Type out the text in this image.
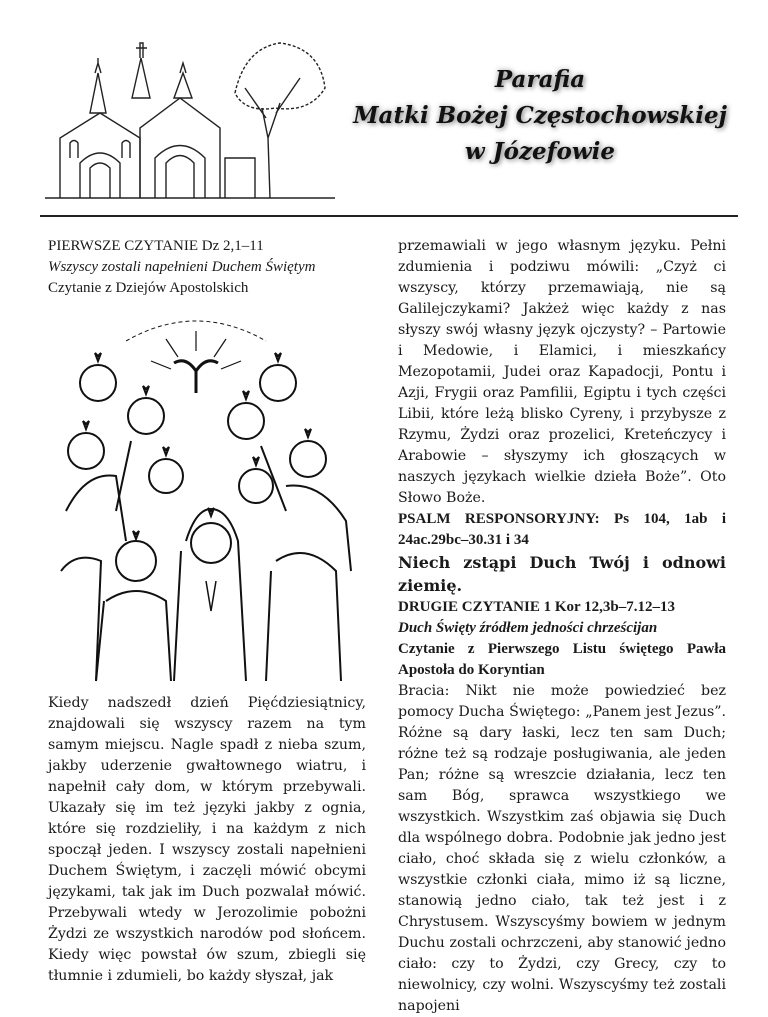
Parafia
Matki Bożej Częstochowskiej
w Józefowie
PIERWSZE CZYTANIE Dz 2,1–11
Wszyscy zostali napełnieni Duchem Świętym
Czytanie z Dziejów Apostolskich

Kiedy nadszedł dzień Pięćdziesiątnicy, znajdowali się wszyscy razem na tym samym miejscu. Nagle spadł z nieba szum, jakby uderzenie gwałtownego wiatru, i napełnił cały dom, w którym przebywali. Ukazały się im też języki jakby z ognia, które się rozdzieliły, i na każdym z nich spoczął jeden. I wszyscy zostali napełnieni Duchem Świętym, i zaczęli mówić obcymi językami, tak jak im Duch pozwalał mówić. Przebywali wtedy w Jerozolimie pobożni Żydzi ze wszystkich narodów pod słońcem. Kiedy więc powstał ów szum, zbiegli się tłumnie i zdumieli, bo każdy słyszał, jak

przemawiali w jego własnym języku. Pełni zdumienia i podziwu mówili: „Czyż ci wszyscy, którzy przemawiają, nie są Galilejczykami? Jakżeż więc każdy z nas słyszy swój własny język ojczysty? – Partowie i Medowie, i Elamici, i mieszkańcy Mezopotamii, Judei oraz Kapadocji, Pontu i Azji, Frygii oraz Pamfilii, Egiptu i tych części Libii, które leżą blisko Cyreny, i przybysze z Rzymu, Żydzi oraz prozelici, Kreteńczycy i Arabowie – słyszymy ich głoszących w naszych językach wielkie dzieła Boże”. Oto Słowo Boże.

PSALM RESPONSORYJNY: Ps 104, 1ab i 24ac.29bc–30.31 i 34
Niech zstąpi Duch Twój i odnowi ziemię.
DRUGIE CZYTANIE 1 Kor 12,3b–7.12–13
Duch Święty źródłem jedności chrześcijan
Czytanie z Pierwszego Listu świętego Pawła Apostoła do Koryntian

Bracia: Nikt nie może powiedzieć bez pomocy Ducha Świętego: „Panem jest Jezus”. Różne są dary łaski, lecz ten sam Duch; różne też są rodzaje posługiwania, ale jeden Pan; różne są wreszcie działania, lecz ten sam Bóg, sprawca wszystkiego we wszystkich. Wszystkim zaś objawia się Duch dla wspólnego dobra. Podobnie jak jedno jest ciało, choć składa się z wielu członków, a wszystkie członki ciała, mimo iż są liczne, stanowią jedno ciało, tak też jest i z Chrystusem. Wszyscyśmy bowiem w jednym Duchu zostali ochrzczeni, aby stanowić jedno ciało: czy to Żydzi, czy Grecy, czy to niewolnicy, czy wolni. Wszyscyśmy też zostali napojeni
